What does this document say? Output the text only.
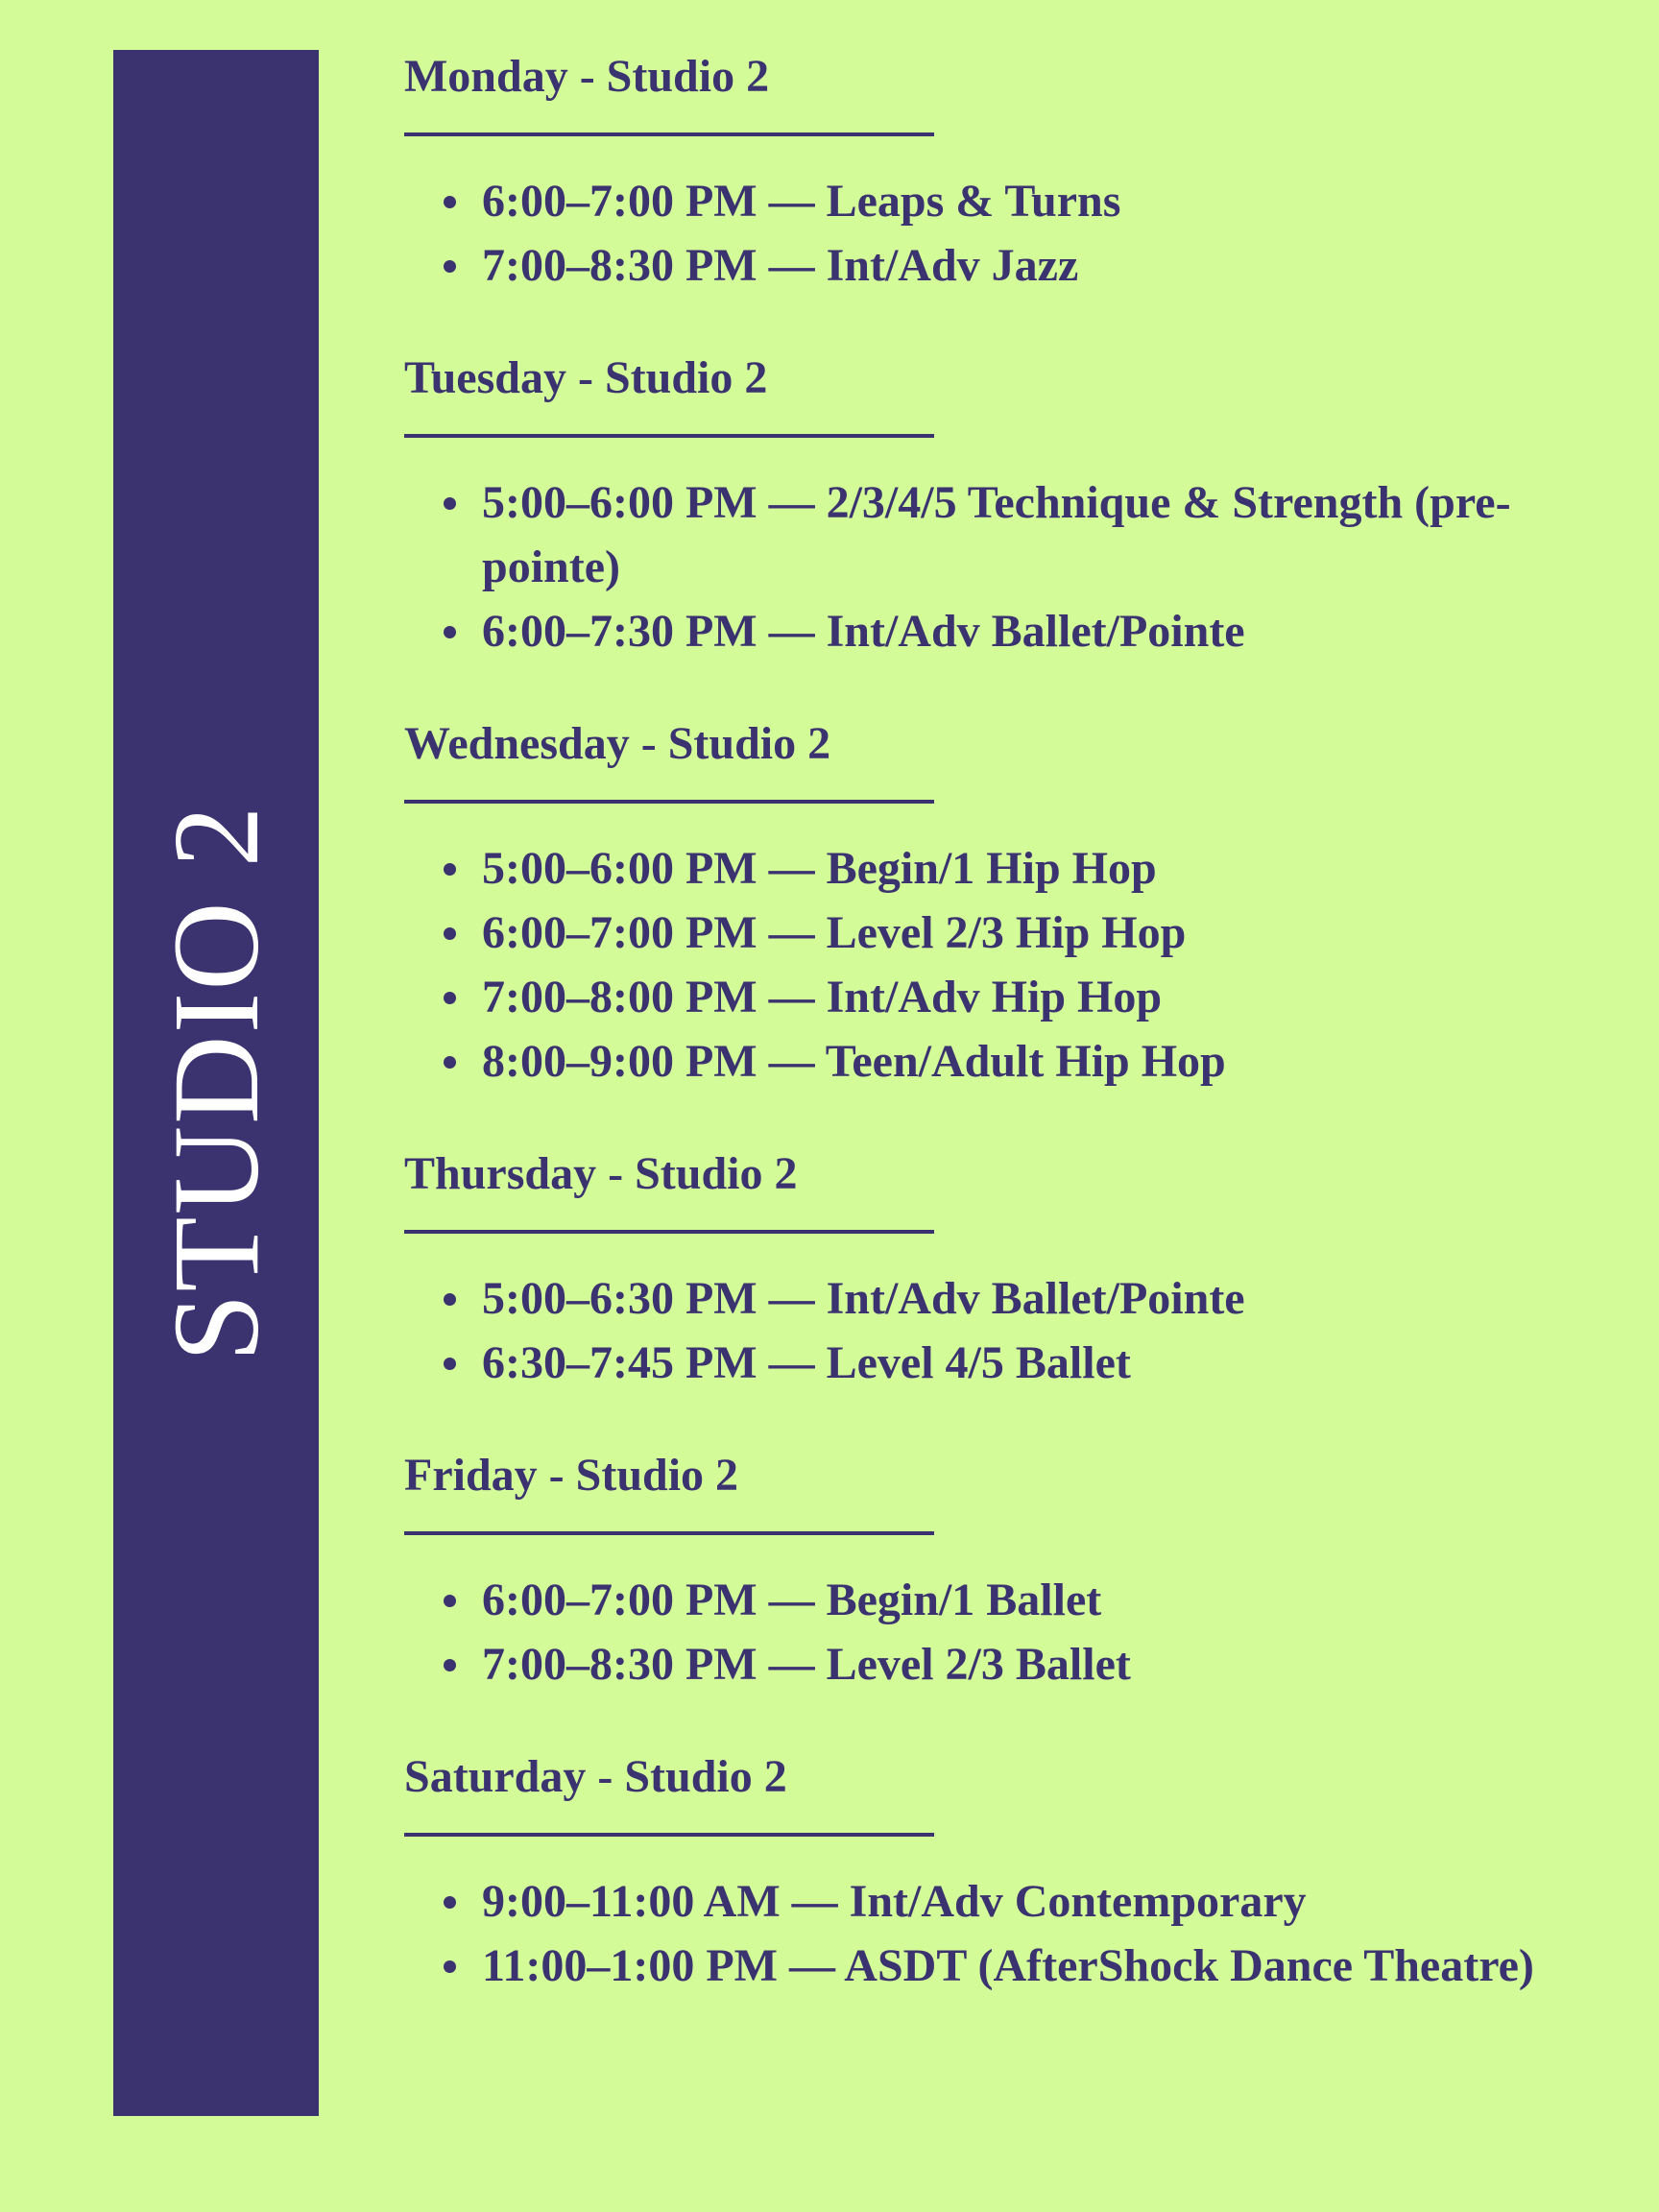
STUDIO 2
Monday - Studio 2
6:00–7:00 PM — Leaps & Turns
7:00–8:30 PM — Int/Adv Jazz
Tuesday - Studio 2
5:00–6:00 PM — 2/3/4/5 Technique & Strength (pre-pointe)
6:00–7:30 PM — Int/Adv Ballet/Pointe
Wednesday - Studio 2
5:00–6:00 PM — Begin/1 Hip Hop
6:00–7:00 PM — Level 2/3 Hip Hop
7:00–8:00 PM — Int/Adv Hip Hop
8:00–9:00 PM — Teen/Adult Hip Hop
Thursday - Studio 2
5:00–6:30 PM — Int/Adv Ballet/Pointe
6:30–7:45 PM — Level 4/5 Ballet
Friday - Studio 2
6:00–7:00 PM — Begin/1 Ballet
7:00–8:30 PM — Level 2/3 Ballet
Saturday - Studio 2
9:00–11:00 AM — Int/Adv Contemporary
11:00–1:00 PM — ASDT (AfterShock Dance Theatre)
